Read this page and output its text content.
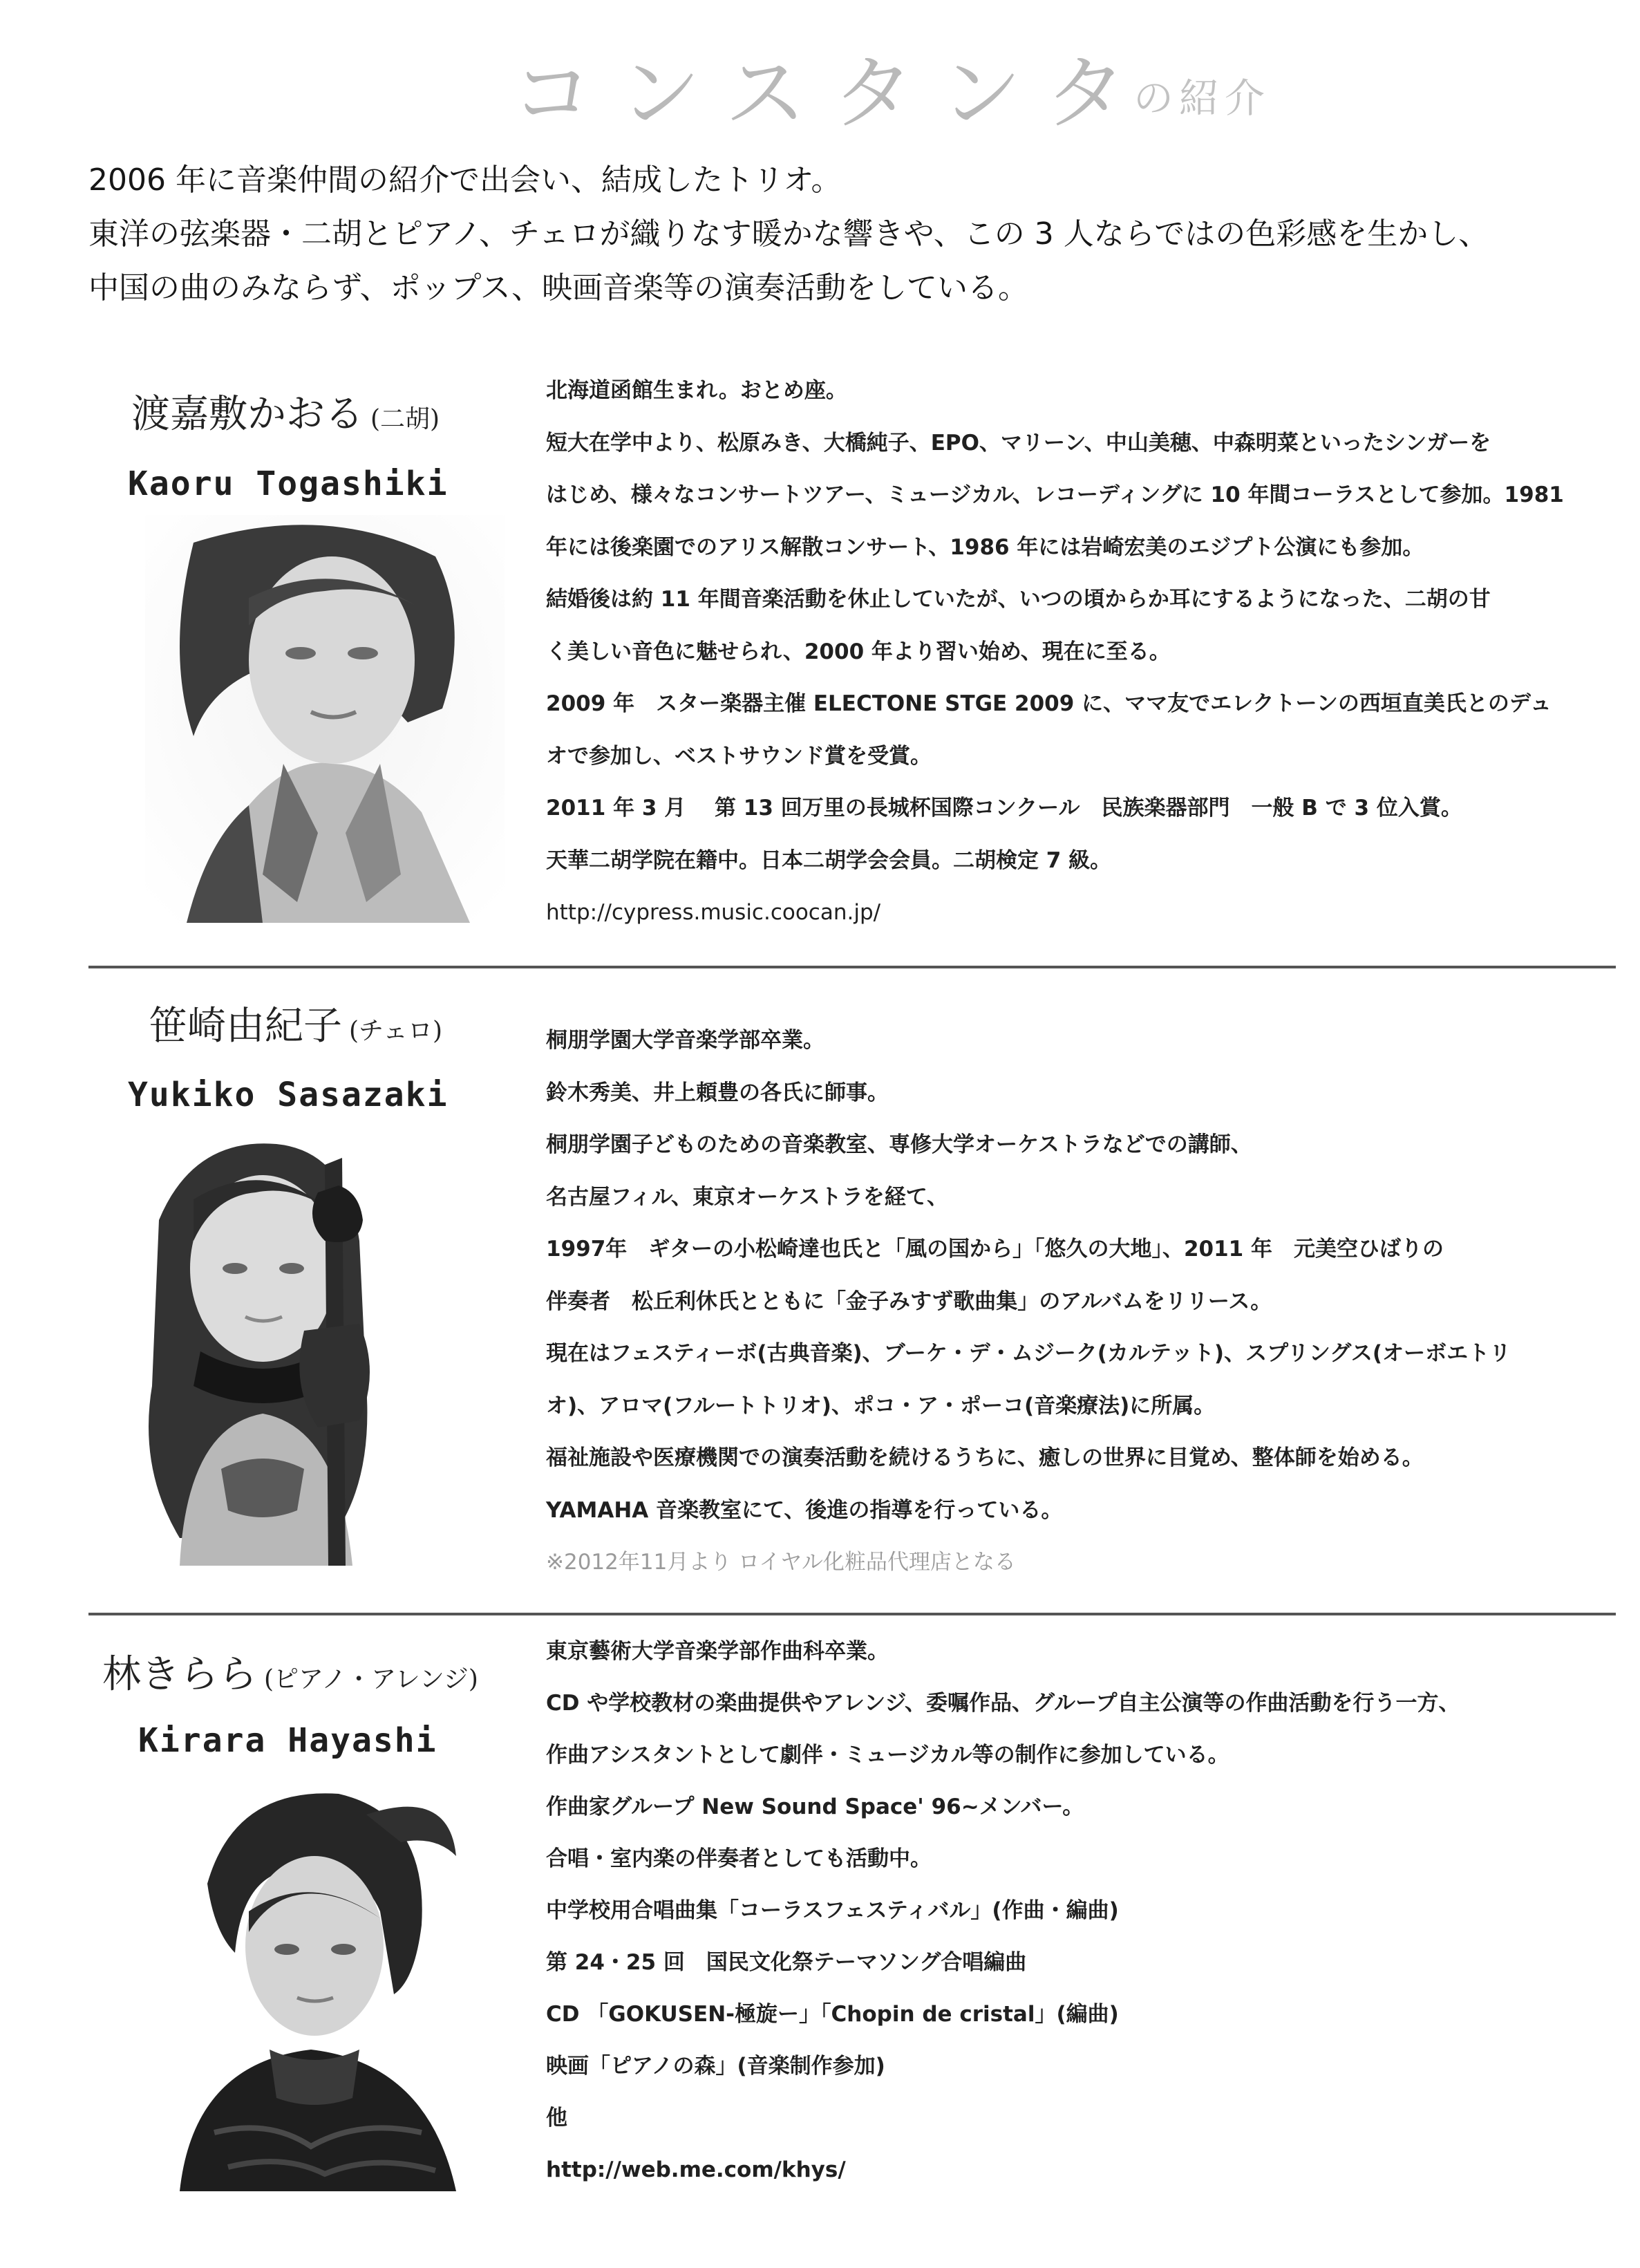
コンスタンタ
の紹介

2006 年に音楽仲間の紹介で出会い、結成したトリオ。

東洋の弦楽器・二胡とピアノ、チェロが織りなす暖かな響きや、この 3 人ならではの色彩感を生かし、

中国の曲のみならず、ポップス、映画音楽等の演奏活動をしている。

渡嘉敷かおる (二胡)
Kaoru Togashiki

北海道函館生まれ。おとめ座。

短大在学中より、松原みき、大橋純子、EPO、マリーン、中山美穂、中森明菜といったシンガーを

はじめ、様々なコンサートツアー、ミュージカル、レコーディングに 10 年間コーラスとして参加。1981

年には後楽園でのアリス解散コンサート、1986 年には岩崎宏美のエジプト公演にも参加。

結婚後は約 11 年間音楽活動を休止していたが、いつの頃からか耳にするようになった、二胡の甘

く美しい音色に魅せられ、2000 年より習い始め、現在に至る。

2009 年　スター楽器主催 ELECTONE STGE 2009 に、ママ友でエレクトーンの西垣直美氏とのデュ

オで参加し、ベストサウンド賞を受賞。

2011 年 3 月　 第 13 回万里の長城杯国際コンクール　民族楽器部門　一般 B で 3 位入賞。

天華二胡学院在籍中。日本二胡学会会員。二胡検定 7 級。

http://cypress.music.coocan.jp/

笹崎由紀子 (チェロ)
Yukiko Sasazaki

桐朋学園大学音楽学部卒業。

鈴木秀美、井上頼豊の各氏に師事。

桐朋学園子どものための音楽教室、専修大学オーケストラなどでの講師、

名古屋フィル、東京オーケストラを経て、

1997年　ギターの小松崎達也氏と「風の国から」「悠久の大地」、2011 年　元美空ひばりの

伴奏者　松丘利休氏とともに「金子みすず歌曲集」のアルバムをリリース。

現在はフェスティーボ(古典音楽)、ブーケ・デ・ムジーク(カルテット)、スプリングス(オーボエトリ

オ)、アロマ(フルートトリオ)、ポコ・ア・ポーコ(音楽療法)に所属。

福祉施設や医療機関での演奏活動を続けるうちに、癒しの世界に目覚め、整体師を始める。

YAMAHA 音楽教室にて、後進の指導を行っている。

※2012年11月より ロイヤル化粧品代理店となる

林きらら (ピアノ・アレンジ)
Kirara Hayashi

東京藝術大学音楽学部作曲科卒業。

CD や学校教材の楽曲提供やアレンジ、委嘱作品、グループ自主公演等の作曲活動を行う一方、

作曲アシスタントとして劇伴・ミュージカル等の制作に参加している。

作曲家グループ New Sound Space' 96~メンバー。

合唱・室内楽の伴奏者としても活動中。

中学校用合唱曲集「コーラスフェスティバル」(作曲・編曲)

第 24・25 回　国民文化祭テーマソング合唱編曲

CD 「GOKUSEN-極旋ー」「Chopin de cristal」(編曲)

映画「ピアノの森」(音楽制作参加)

他

http://web.me.com/khys/
